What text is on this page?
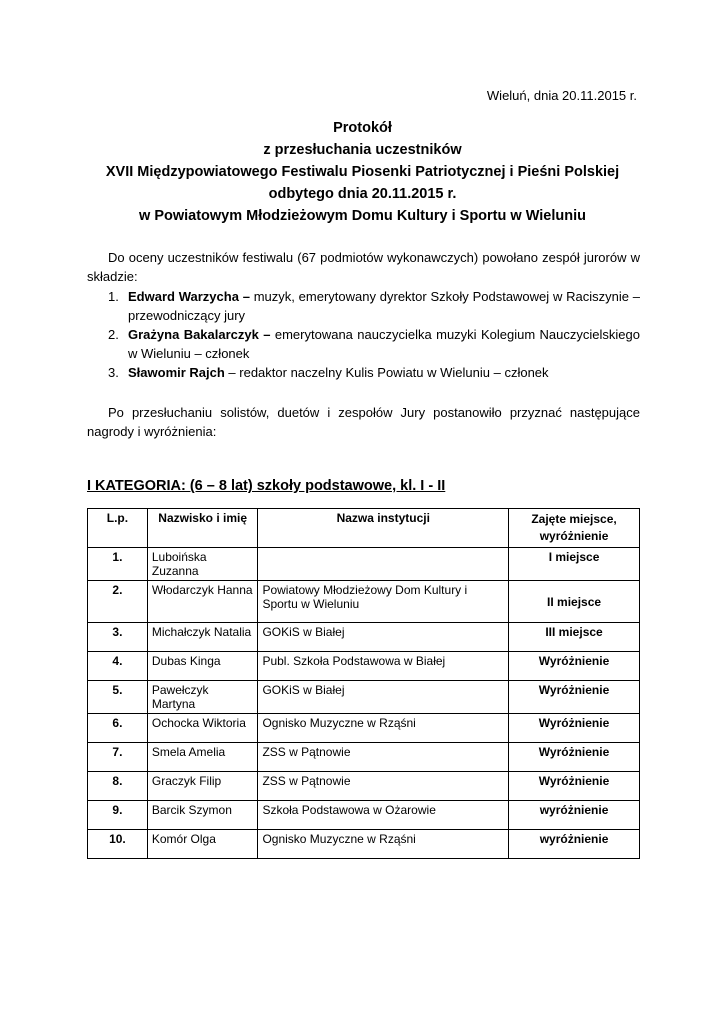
Wieluń, dnia 20.11.2015 r.
Protokół
z przesłuchania uczestników
XVII Międzypowiatowego Festiwalu Piosenki Patriotycznej i Pieśni Polskiej
odbytego dnia 20.11.2015 r.
w Powiatowym Młodzieżowym Domu Kultury i Sportu w Wieluniu

Do oceny uczestników festiwalu (67 podmiotów wykonawczych) powołano zespół jurorów w składzie:

1. Edward Warzycha – muzyk, emerytowany dyrektor Szkoły Podstawowej w Raciszynie – przewodniczący jury
2. Grażyna Bakalarczyk – emerytowana nauczycielka muzyki Kolegium Nauczycielskiego w Wieluniu – członek
3. Sławomir Rajch – redaktor naczelny Kulis Powiatu w Wieluniu – członek

Po przesłuchaniu solistów, duetów i zespołów Jury postanowiło przyznać następujące nagrody i wyróżnienia:

I KATEGORIA: (6 – 8 lat) szkoły podstawowe, kl. I - II
L.p.	Nazwisko i imię	Nazwa instytucji	Zajęte miejsce, wyróżnienie
1.	Luboińska Zuzanna		I miejsce
2.	Włodarczyk Hanna	Powiatowy Młodzieżowy Dom Kultury i Sportu w Wieluniu	II miejsce
3.	Michałczyk Natalia	GOKiS w Białej	III miejsce
4.	Dubas Kinga	Publ. Szkoła Podstawowa w Białej	Wyróżnienie
5.	Pawełczyk Martyna	GOKiS w Białej	Wyróżnienie
6.	Ochocka Wiktoria	Ognisko Muzyczne w Rząśni	Wyróżnienie
7.	Smela Amelia	ZSS w Pątnowie	Wyróżnienie
8.	Graczyk Filip	ZSS w Pątnowie	Wyróżnienie
9.	Barcik Szymon	Szkoła Podstawowa w Ożarowie	wyróżnienie
10.	Komór Olga	Ognisko Muzyczne w Rząśni	wyróżnienie
